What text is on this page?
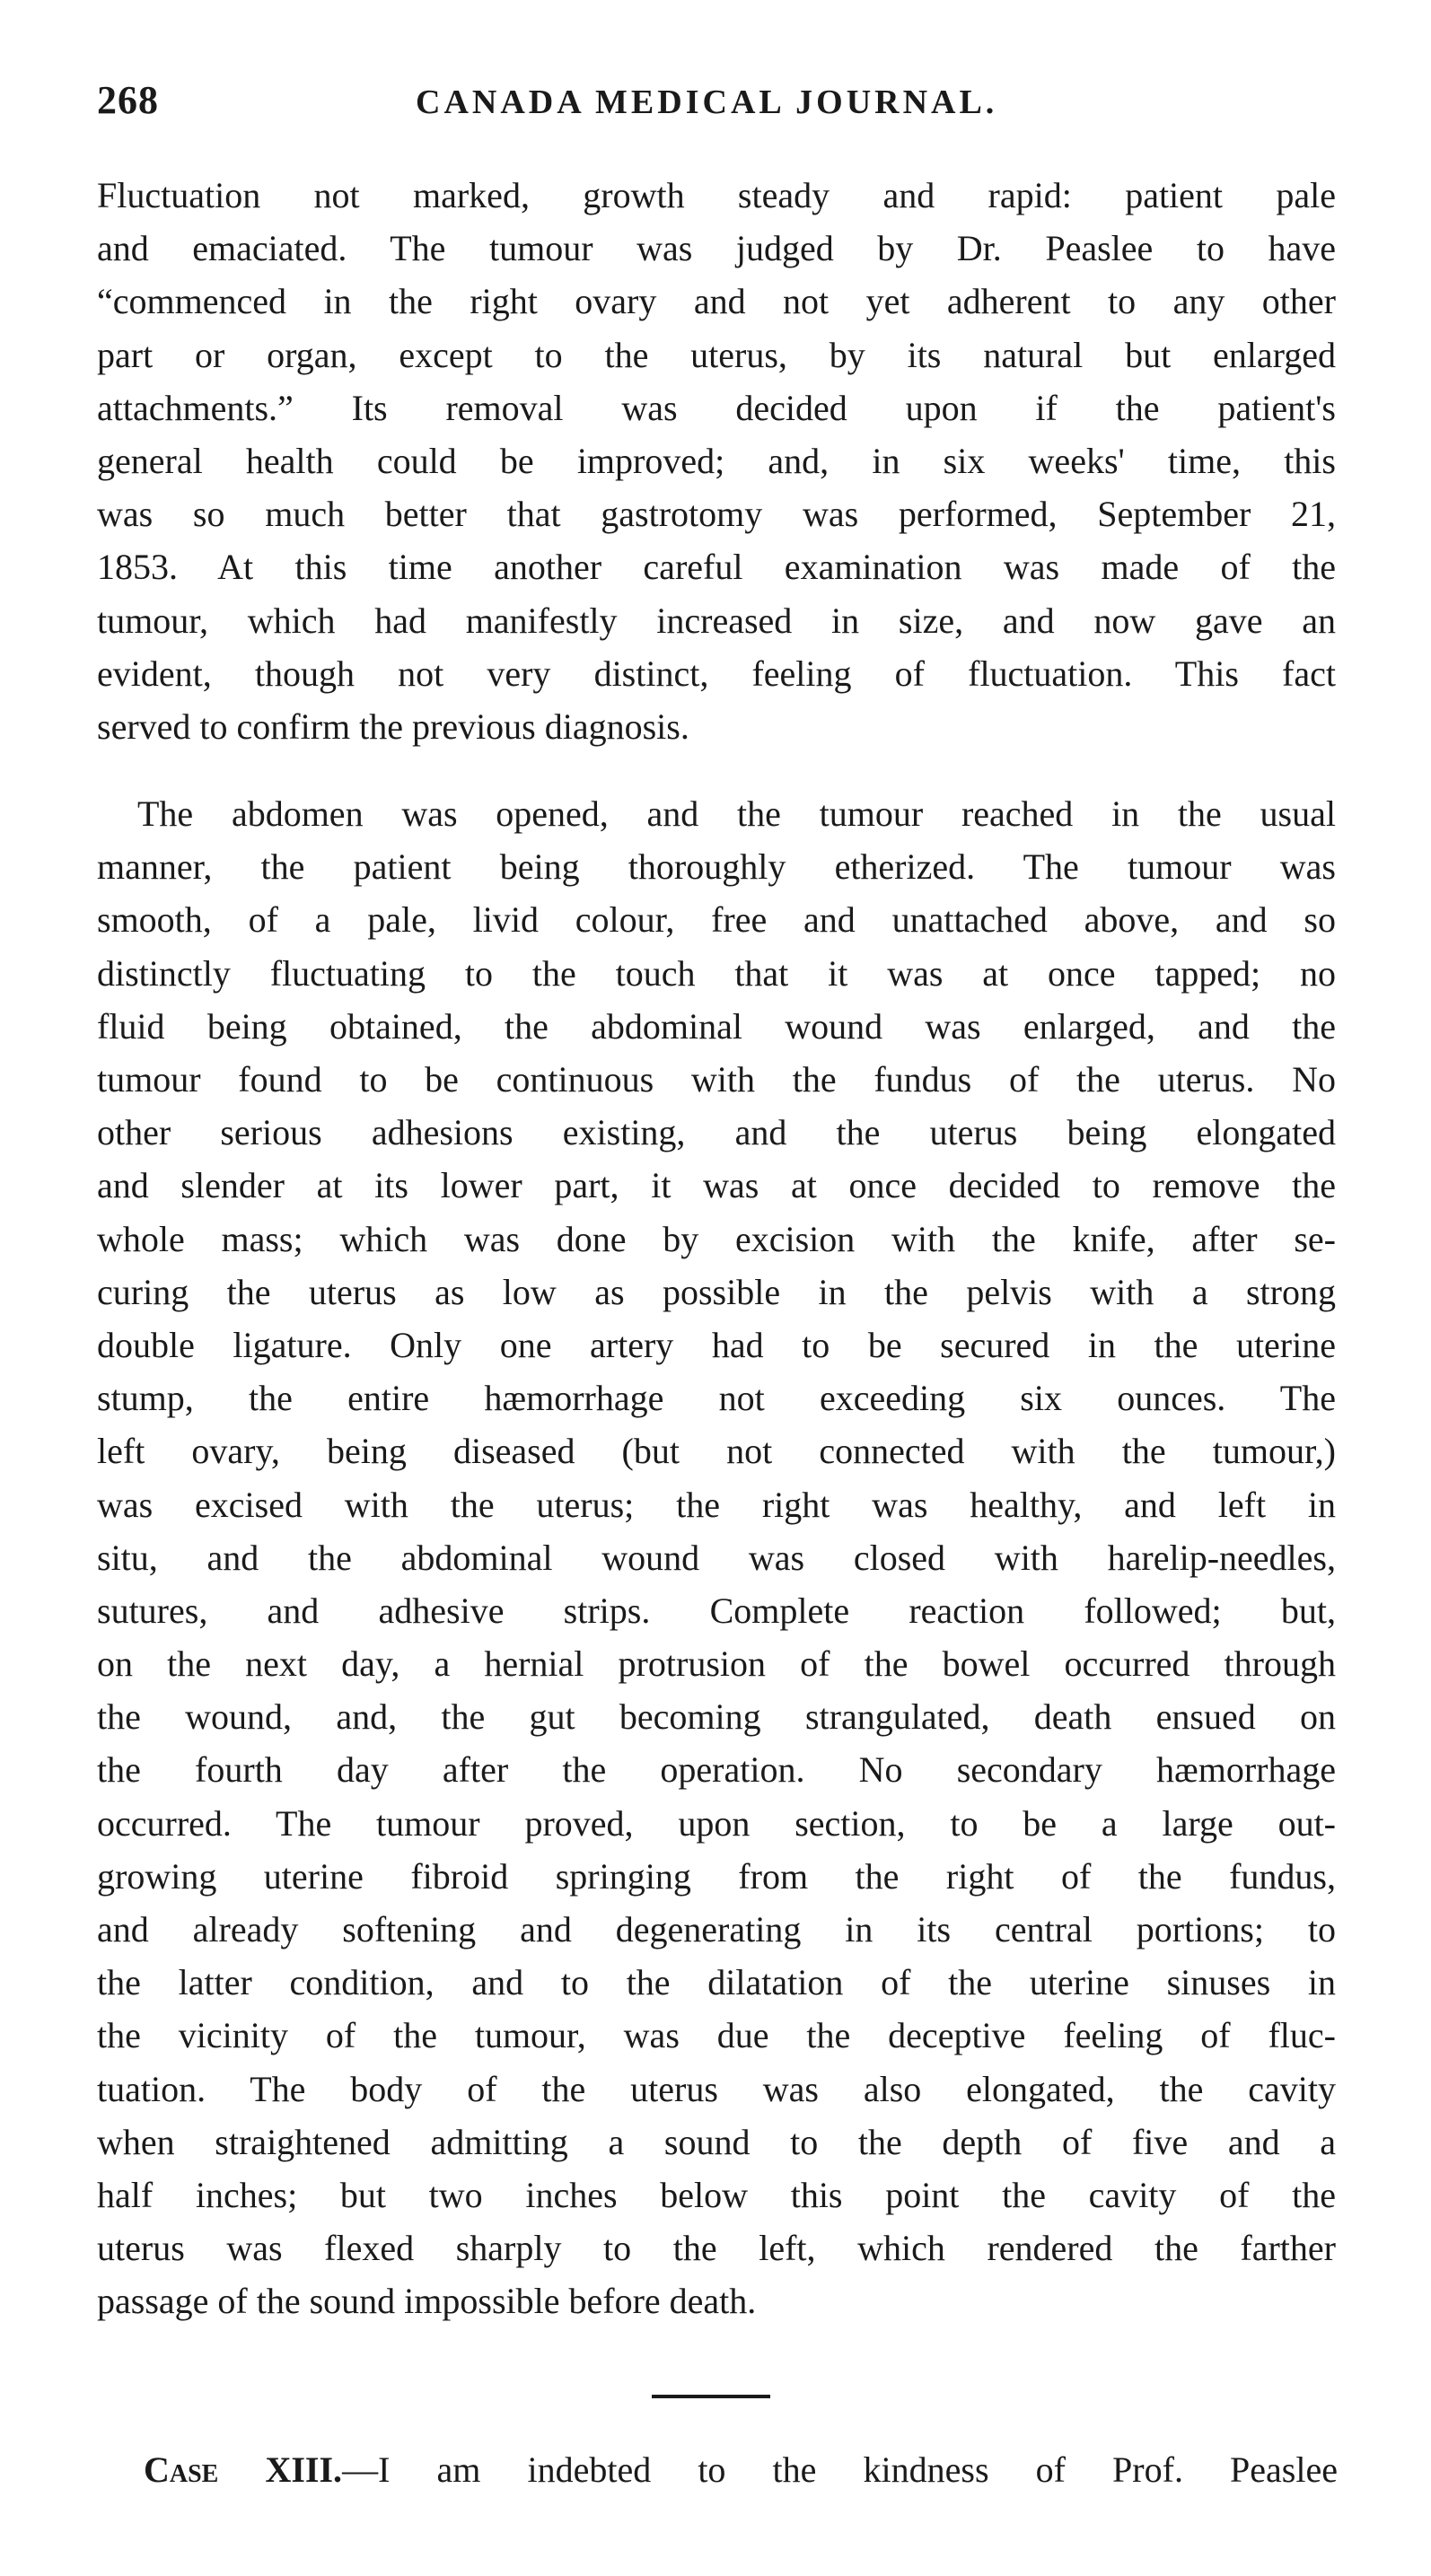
268	CANADA MEDICAL JOURNAL.

Fluctuation not marked, growth steady and rapid: patient pale
and emaciated. The tumour was judged by Dr. Peaslee to have
“commenced in the right ovary and not yet adherent to any other
part or organ, except to the uterus, by its natural but enlarged
attachments.” Its removal was decided upon if the patient's
general health could be improved; and, in six weeks' time, this
was so much better that gastrotomy was performed, September 21,
1853. At this time another careful examination was made of the
tumour, which had manifestly increased in size, and now gave an
evident, though not very distinct, feeling of fluctuation. This fact
served to confirm the previous diagnosis.

The abdomen was opened, and the tumour reached in the usual
manner, the patient being thoroughly etherized. The tumour was
smooth, of a pale, livid colour, free and unattached above, and so
distinctly fluctuating to the touch that it was at once tapped; no
fluid being obtained, the abdominal wound was enlarged, and the
tumour found to be continuous with the fundus of the uterus. No
other serious adhesions existing, and the uterus being elongated
and slender at its lower part, it was at once decided to remove the
whole mass; which was done by excision with the knife, after se-
curing the uterus as low as possible in the pelvis with a strong
double ligature. Only one artery had to be secured in the uterine
stump, the entire hæmorrhage not exceeding six ounces. The
left ovary, being diseased (but not connected with the tumour,)
was excised with the uterus; the right was healthy, and left in
situ, and the abdominal wound was closed with harelip-needles,
sutures, and adhesive strips. Complete reaction followed; but,
on the next day, a hernial protrusion of the bowel occurred through
the wound, and, the gut becoming strangulated, death ensued on
the fourth day after the operation. No secondary hæmorrhage
occurred. The tumour proved, upon section, to be a large out-
growing uterine fibroid springing from the right of the fundus,
and already softening and degenerating in its central portions; to
the latter condition, and to the dilatation of the uterine sinuses in
the vicinity of the tumour, was due the deceptive feeling of fluc-
tuation. The body of the uterus was also elongated, the cavity
when straightened admitting a sound to the depth of five and a
half inches; but two inches below this point the cavity of the
uterus was flexed sharply to the left, which rendered the farther
passage of the sound impossible before death.

Case XIII.—I am indebted to the kindness of Prof. Peaslee
